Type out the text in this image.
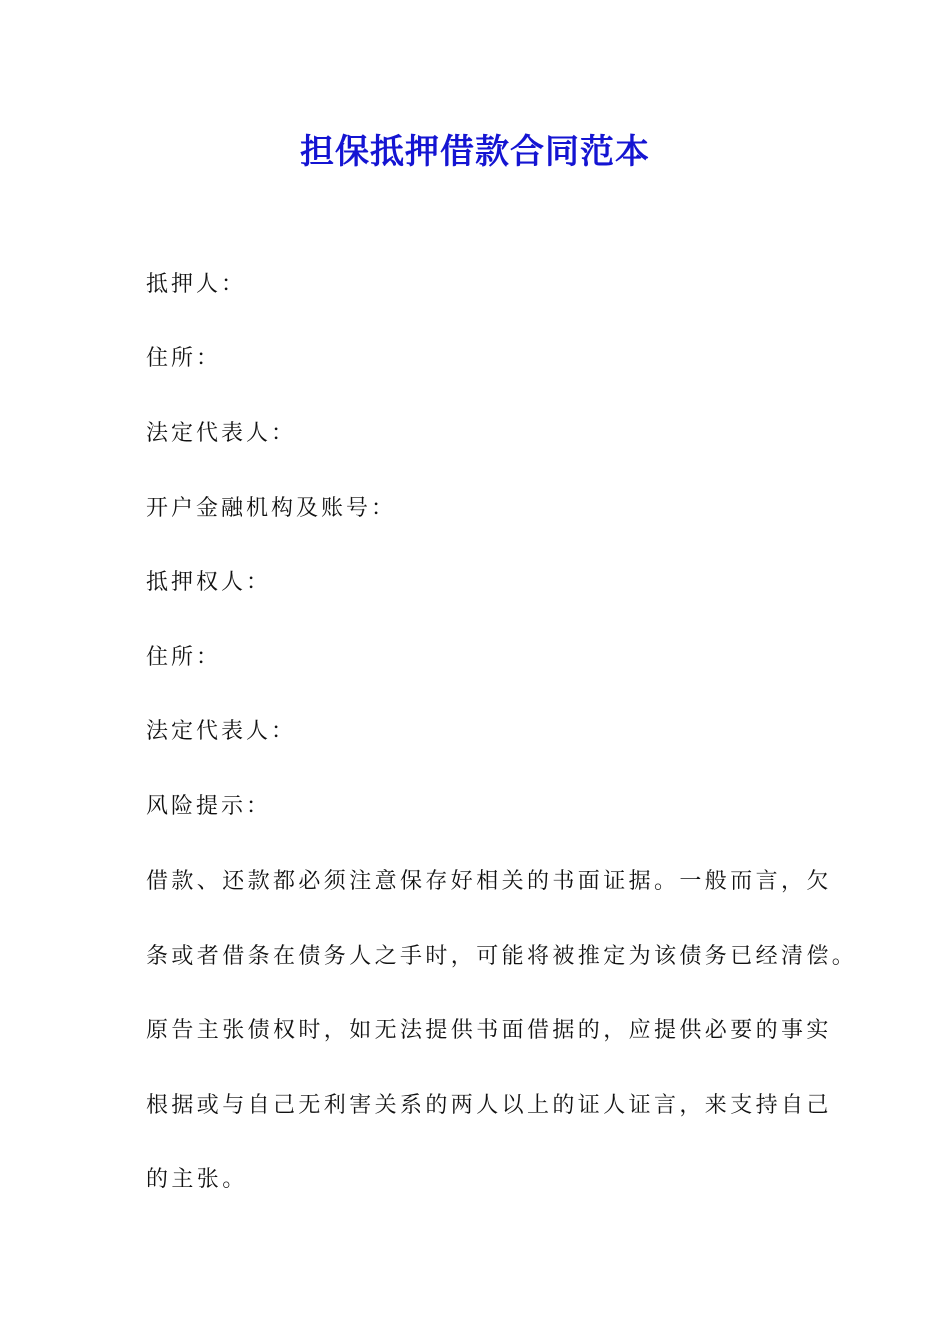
担保抵押借款合同范本

抵押人：

住所：

法定代表人：

开户金融机构及账号：

抵押权人：

住所：

法定代表人：

风险提示：

借款、还款都必须注意保存好相关的书面证据。一般而言，欠
条或者借条在债务人之手时，可能将被推定为该债务已经清偿。
原告主张债权时，如无法提供书面借据的，应提供必要的事实
根据或与自己无利害关系的两人以上的证人证言，来支持自己
的主张。
